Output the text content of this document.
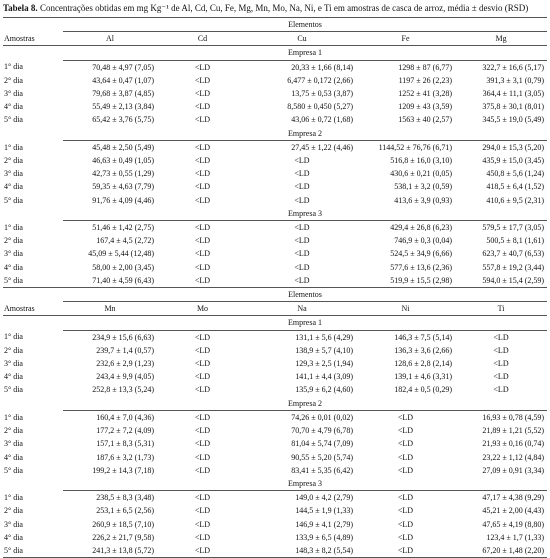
Tabela 8. Concentrações obtidas em mg Kg⁻¹ de Al, Cd, Cu, Fe, Mg, Mn, Mo, Na, Ni, e Ti em amostras de casca de arroz, média ± desvio (RSD)
Amostras	Elementos				
	Al	Cd	Cu	Fe	Mg
	Empresa 1				
1° dia	70,48 ± 4,97 (7,05)	<LD	20,33 ± 1,66 (8,14)	1298 ± 87 (6,77)	322,7 ± 16,6 (5,17)
2° dia	43,64 ± 0,47 (1,07)	<LD	6,477 ± 0,172 (2,66)	1197 ± 26 (2,23)	391,3 ± 3,1 (0,79)
3° dia	79,68 ± 3,87 (4,85)	<LD	13,75 ± 0,53 (3,87)	1252 ± 41 (3,28)	364,4 ± 11,1 (3,05)
4° dia	55,49 ± 2,13 (3,84)	<LD	8,580 ± 0,450 (5,27)	1209 ± 43 (3,59)	375,8 ± 30,1 (8,01)
5° dia	65,42 ± 3,76 (5,75)	<LD	43,06 ± 0,72 (1,68)	1563 ± 40 (2,57)	345,5 ± 19,0 (5,49)
	Empresa 2				
1° dia	45,48 ± 2,50 (5,49)	<LD	27,45 ± 1,22 (4,46)	1144,52 ± 76,76 (6,71)	294,0 ± 15,3 (5,20)
2° dia	46,63 ± 0,49 (1,05)	<LD	<LD	516,8 ± 16,0 (3,10)	435,9 ± 15,0 (3,45)
3° dia	42,73 ± 0,55 (1,29)	<LD	<LD	430,6 ± 0,21 (0,05)	450,8 ± 5,6 (1,24)
4° dia	59,35 ± 4,63 (7,79)	<LD	<LD	538,1 ± 3,2 (0,59)	418,5 ± 6,4 (1,52)
5° dia	91,76 ± 4,09 (4,46)	<LD	<LD	413,6 ± 3,9 (0,93)	410,6 ± 9,5 (2,31)
	Empresa 3				
1° dia	51,46 ± 1,42 (2,75)	<LD	<LD	429,4 ± 26,8 (6,23)	579,5 ± 17,7 (3,05)
2° dia	167,4 ± 4,5 (2,72)	<LD	<LD	746,9 ± 0,3 (0,04)	500,5 ± 8,1 (1,61)
3° dia	45,09 ± 5,44 (12,48)	<LD	<LD	524,5 ± 34,9 (6,66)	623,7 ± 40,7 (6,53)
4° dia	58,00 ± 2,00 (3,45)	<LD	<LD	577,6 ± 13,6 (2,36)	557,8 ± 19,2 (3,44)
5° dia	71,40 ± 4,59 (6,43)	<LD	<LD	519,9 ± 15,5 (2,98)	594,0 ± 15,4 (2,59)
Amostras	Elementos				
	Mn	Mo	Na	Ni	Ti
	Empresa 1				
1° dia	234,9 ± 15,6 (6,63)	<LD	131,1 ± 5,6 (4,29)	146,3 ± 7,5 (5,14)	<LD
2° dia	239,7 ± 1,4 (0,57)	<LD	138,9 ± 5,7 (4,10)	136,3 ± 3,6 (2,66)	<LD
3° dia	232,6 ± 2,9 (1,23)	<LD	129,3 ± 2,5 (1,94)	128,6 ± 2,8 (2,14)	<LD
4° dia	243,4 ± 9,9 (4,05)	<LD	141,1 ± 4,4 (3,09)	139,1 ± 4,6 (3,31)	<LD
5° dia	252,8 ± 13,3 (5,24)	<LD	135,9 ± 6,2 (4,60)	182,4 ± 0,5 (0,29)	<LD
	Empresa 2				
1° dia	160,4 ± 7,0 (4,36)	<LD	74,26 ± 0,01 (0,02)	<LD	16,93 ± 0,78 (4,59)
2° dia	177,2 ± 7,2 (4,09)	<LD	70,70 ± 4,79 (6,78)	<LD	21,89 ± 1,21 (5,52)
3° dia	157,1 ± 8,3 (5,31)	<LD	81,04 ± 5,74 (7,09)	<LD	21,93 ± 0,16 (0,74)
4° dia	187,6 ± 3,2 (1,73)	<LD	90,55 ± 5,20 (5,74)	<LD	23,22 ± 1,12 (4,84)
5° dia	199,2 ± 14,3 (7,18)	<LD	83,41 ± 5,35 (6,42)	<LD	27,09 ± 0,91 (3,34)
	Empresa 3				
1° dia	238,5 ± 8,3 (3,48)	<LD	149,0 ± 4,2 (2,79)	<LD	47,17 ± 4,38 (9,29)
2° dia	253,1 ± 6,5 (2,56)	<LD	144,5 ± 1,9 (1,33)	<LD	45,21 ± 2,00 (4,43)
3° dia	260,9 ± 18,5 (7,10)	<LD	146,9 ± 4,1 (2,79)	<LD	47,65 ± 4,19 (8,80)
4° dia	226,2 ± 21,7 (9,58)	<LD	133,9 ± 6,5 (4,89)	<LD	123,4 ± 1,7 (1,33)
5° dia	241,3 ± 13,8 (5,72)	<LD	148,3 ± 8,2 (5,54)	<LD	67,20 ± 1,48 (2,20)
